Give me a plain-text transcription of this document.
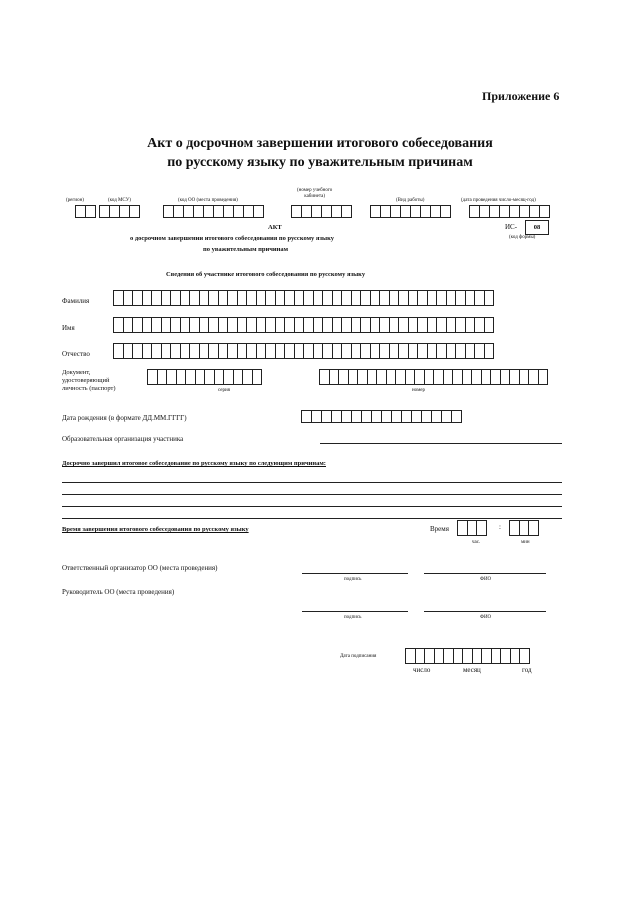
Приложение 6
Акт о досрочном завершении итогового собеседования
по русскому языку по уважительным причинам
(регион)	(код МСУ)	(код ОО (места проведения)
(номер учебного
кабинета)
(Вид работы)	(дата проведения число-месяц-год)
АКТ
о досрочном завершении итогового собеседования по русскому языку
по уважительным причинам
ИС-	08
(код формы)
Сведения об участнике итогового собеседования по русскому языку
Фамилия
Имя
Отчество
Документ,
удостоверяющий
личность (паспорт)	серия	номер
Дата рождения (в формате ДД.ММ.ГГГГ)
Образовательная организация участника
Досрочно завершил итоговое собеседование по русскому языку по следующим причинам:
Время завершения итогового собеседования по русскому языку	Время	:
час.	мин
Ответственный организатор ОО (места проведения)
подпись	ФИО
Руководитель ОО (места проведения)
подпись	ФИО
Дата подписания
число	месяц	год
